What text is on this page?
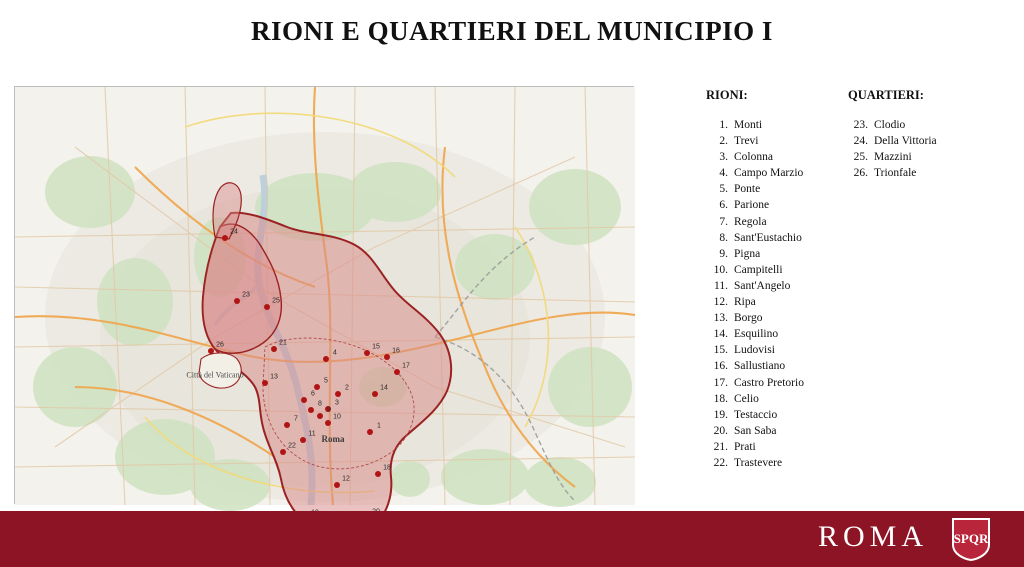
RIONI E QUARTIERI DEL MUNICIPIO I
Roma
Città del Vaticano
1
2
3
4
5
6
7
8
9
10
11
12
13
14
15
16
17
18
21
22
23
24
25
26
RIONI:
1. Monti
2. Trevi
3. Colonna
4. Campo Marzio
5. Ponte
6. Parione
7. Regola
8. Sant'Eustachio
9. Pigna
10. Campitelli
11. Sant'Angelo
12. Ripa
13. Borgo
14. Esquilino
15. Ludovisi
16. Sallustiano
17. Castro Pretorio
18. Celio
19. Testaccio
20. San Saba
21. Prati
22. Trastevere
QUARTIERI:
23. Clodio
24. Della Vittoria
25. Mazzini
26. Trionfale
ROMA SPQR
